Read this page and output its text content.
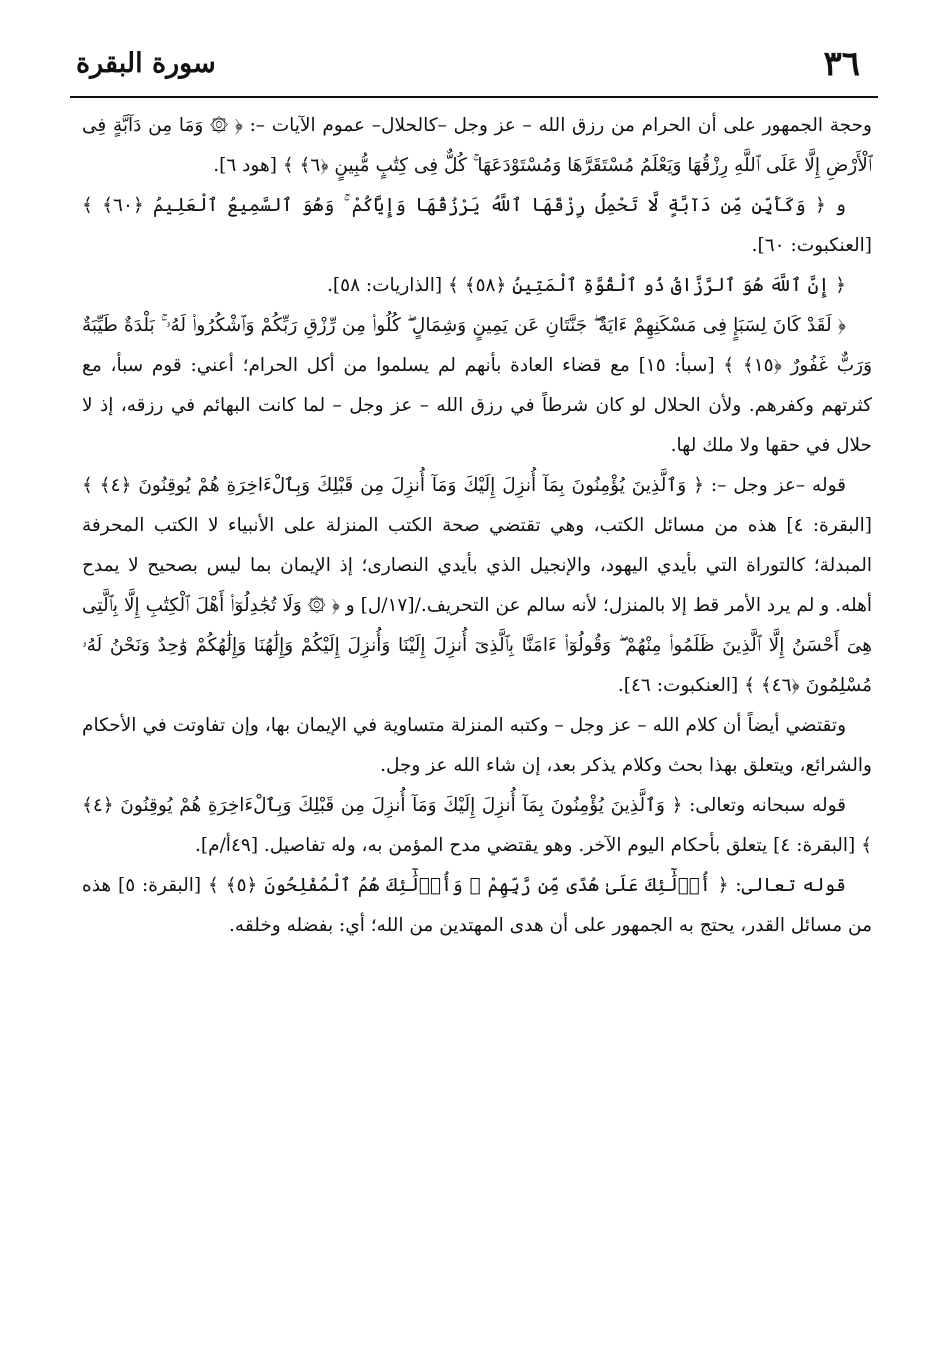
٣٦
سورة البقرة

وحجة الجمهور على أن الحرام من رزق الله – عز وجل –كالحلال– عموم الآيات –: ﴿ ۞ وَمَا مِن دَآبَّةٍ فِى ٱلْأَرْضِ إِلَّا عَلَى ٱللَّهِ رِزْقُهَا وَيَعْلَمُ مُسْتَقَرَّهَا وَمُسْتَوْدَعَهَا ۚ كُلٌّ فِى كِتَٰبٍ مُّبِينٍ ﴿٦﴾ ﴾ [هود ٦].

و ﴿ وَكَأَيِّن مِّن دَآبَّةٍ لَّا تَحْمِلُ رِزْقَهَا ٱللَّهُ يَرْزُقُهَا وَإِيَّاكُمْ ۚ وَهُوَ ٱلسَّمِيعُ ٱلْعَلِيمُ ﴿٦٠﴾ ﴾ [العنكبوت: ٦٠].

﴿ إِنَّ ٱللَّهَ هُوَ ٱلرَّزَّاقُ ذُو ٱلْقُوَّةِ ٱلْمَتِينُ ﴿٥٨﴾ ﴾ [الذاريات: ٥٨].

﴿ لَقَدْ كَانَ لِسَبَإٍ فِى مَسْكَنِهِمْ ءَايَةٌ ۖ جَنَّتَانِ عَن يَمِينٍ وَشِمَالٍ ۖ كُلُوا۟ مِن رِّزْقِ رَبِّكُمْ وَٱشْكُرُوا۟ لَهُۥ ۚ بَلْدَةٌ طَيِّبَةٌ وَرَبٌّ غَفُورٌ ﴿١٥﴾ ﴾ [سبأ: ١٥] مع قضاء العادة بأنهم لم يسلموا من أكل الحرام؛ أعني: قوم سبأ، مع كثرتهم وكفرهم. ولأن الحلال لو كان شرطاً في رزق الله – عز وجل – لما كانت البهائم في رزقه، إذ لا حلال في حقها ولا ملك لها.

قوله –عز وجل –: ﴿ وَٱلَّذِينَ يُؤْمِنُونَ بِمَآ أُنزِلَ إِلَيْكَ وَمَآ أُنزِلَ مِن قَبْلِكَ وَبِٱلْءَاخِرَةِ هُمْ يُوقِنُونَ ﴿٤﴾ ﴾[البقرة: ٤] هذه من مسائل الكتب، وهي تقتضي صحة الكتب المنزلة على الأنبياء لا الكتب المحرفة المبدلة؛ كالتوراة التي بأيدي اليهود، والإنجيل الذي بأيدي النصارى؛ إذ الإيمان بما ليس بصحيح لا يمدح أهله. و لم يرد الأمر قط إلا بالمنزل؛ لأنه سالم عن التحريف./[١٧/ل] و ﴿ ۞ وَلَا تُجَٰدِلُوٓا۟ أَهْلَ ٱلْكِتَٰبِ إِلَّا بِٱلَّتِى هِىَ أَحْسَنُ إِلَّا ٱلَّذِينَ ظَلَمُوا۟ مِنْهُمْ ۖ وَقُولُوٓا۟ ءَامَنَّا بِٱلَّذِىٓ أُنزِلَ إِلَيْنَا وَأُنزِلَ إِلَيْكُمْ وَإِلَٰهُنَا وَإِلَٰهُكُمْ وَٰحِدٌ وَنَحْنُ لَهُۥ مُسْلِمُونَ ﴿٤٦﴾ ﴾ [العنكبوت: ٤٦].

وتقتضي أيضاً أن كلام الله – عز وجل – وكتبه المنزلة متساوية في الإيمان بها، وإن تفاوتت في الأحكام والشرائع، ويتعلق بهذا بحث وكلام يذكر بعد، إن شاء الله عز وجل.

قوله سبحانه وتعالى: ﴿ وَٱلَّذِينَ يُؤْمِنُونَ بِمَآ أُنزِلَ إِلَيْكَ وَمَآ أُنزِلَ مِن قَبْلِكَ وَبِٱلْءَاخِرَةِ هُمْ يُوقِنُونَ ﴿٤﴾ ﴾ [البقرة: ٤] يتعلق بأحكام اليوم الآخر. وهو يقتضي مدح المؤمن به، وله تفاصيل. [٤٩أ/م].

قوله تعالى: ﴿ أُو۟لَٰٓئِكَ عَلَىٰ هُدًى مِّن رَّبِّهِمْ ۖ وَأُو۟لَٰٓئِكَ هُمُ ٱلْمُفْلِحُونَ ﴿٥﴾ ﴾ [البقرة: ٥] هذه من مسائل القدر، يحتج به الجمهور على أن هدى المهتدين من الله؛ أي: بفضله وخلقه.
